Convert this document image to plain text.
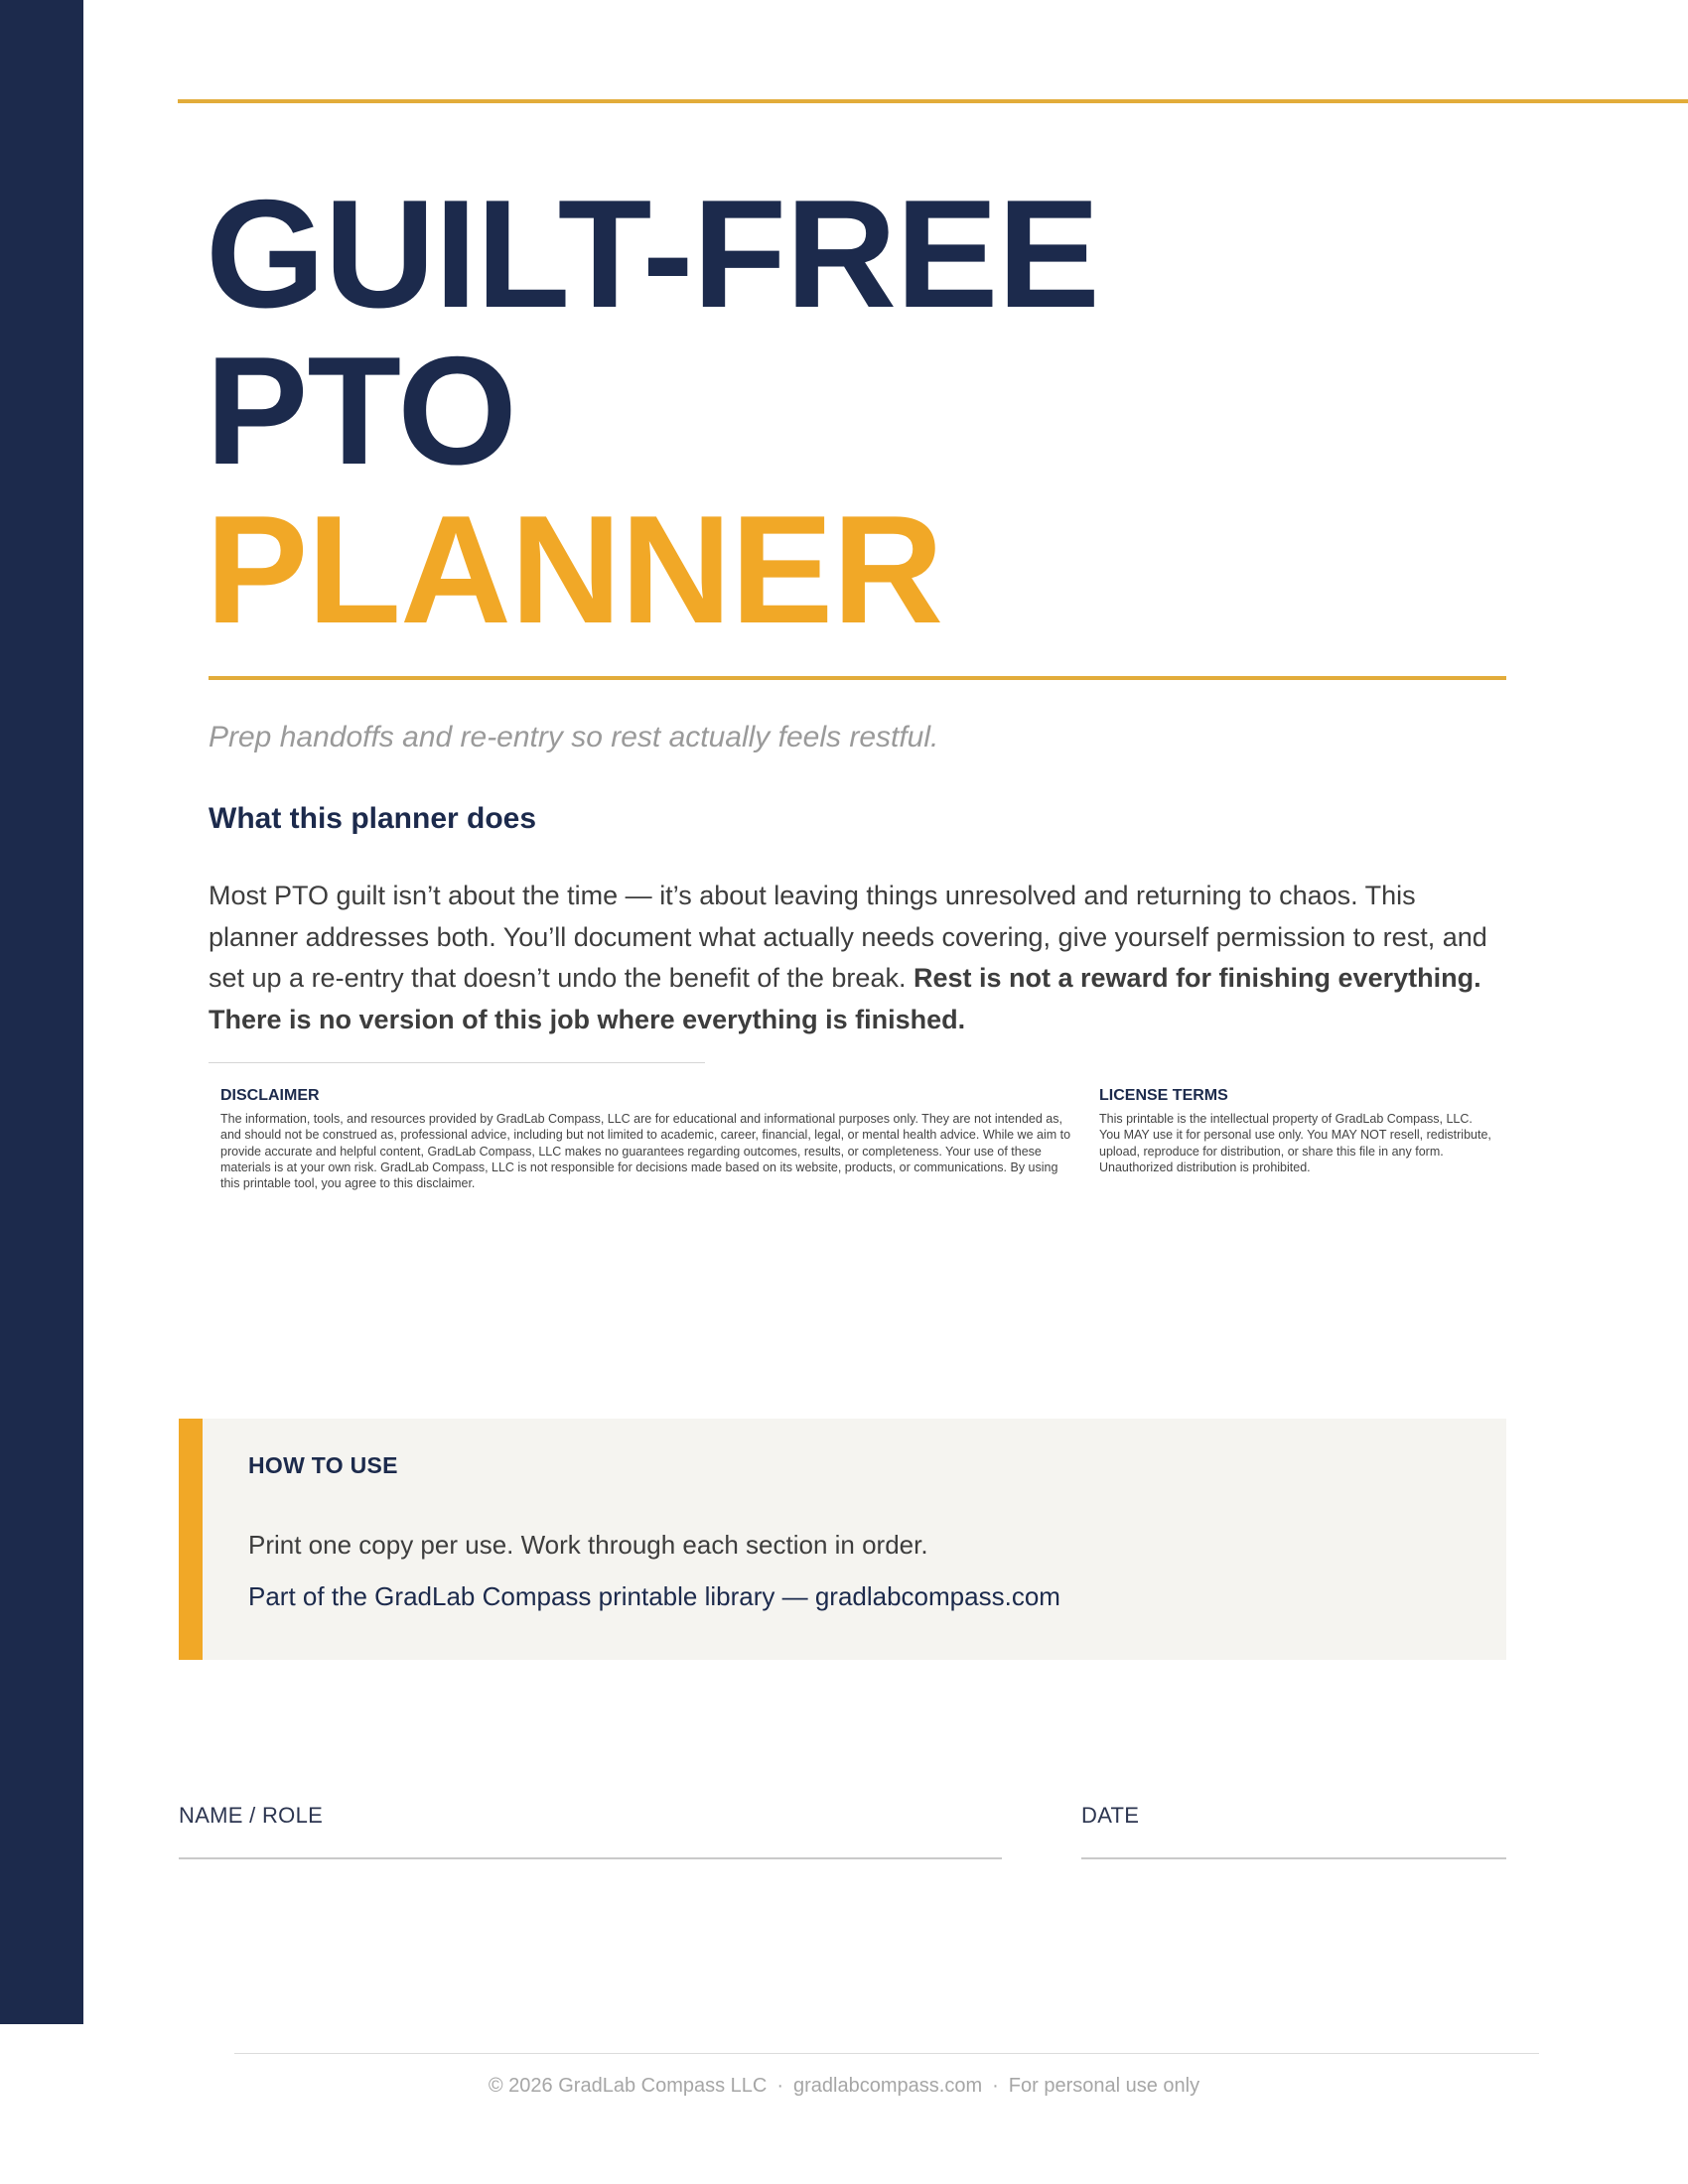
GUILT-FREE
PTO
PLANNER
Prep handoffs and re-entry so rest actually feels restful.
What this planner does

Most PTO guilt isn’t about the time — it’s about leaving things unresolved and returning to chaos. This planner addresses both. You’ll document what actually needs covering, give yourself permission to rest, and set up a re-entry that doesn’t undo the benefit of the break. Rest is not a reward for finishing everything. There is no version of this job where everything is finished.

DISCLAIMER

The information, tools, and resources provided by GradLab Compass, LLC are for educational and informational purposes only. They are not intended as, and should not be construed as, professional advice, including but not limited to academic, career, financial, legal, or mental health advice. While we aim to provide accurate and helpful content, GradLab Compass, LLC makes no guarantees regarding outcomes, results, or completeness. Your use of these materials is at your own risk. GradLab Compass, LLC is not responsible for decisions made based on its website, products, or communications. By using this printable tool, you agree to this disclaimer.

LICENSE TERMS

This printable is the intellectual property of GradLab Compass, LLC. You MAY use it for personal use only. You MAY NOT resell, redistribute, upload, reproduce for distribution, or share this file in any form. Unauthorized distribution is prohibited.

HOW TO USE

Print one copy per use. Work through each section in order.

Part of the GradLab Compass printable library — gradlabcompass.com

NAME / ROLE	DATE
© 2026 GradLab Compass LLC · gradlabcompass.com · For personal use only
